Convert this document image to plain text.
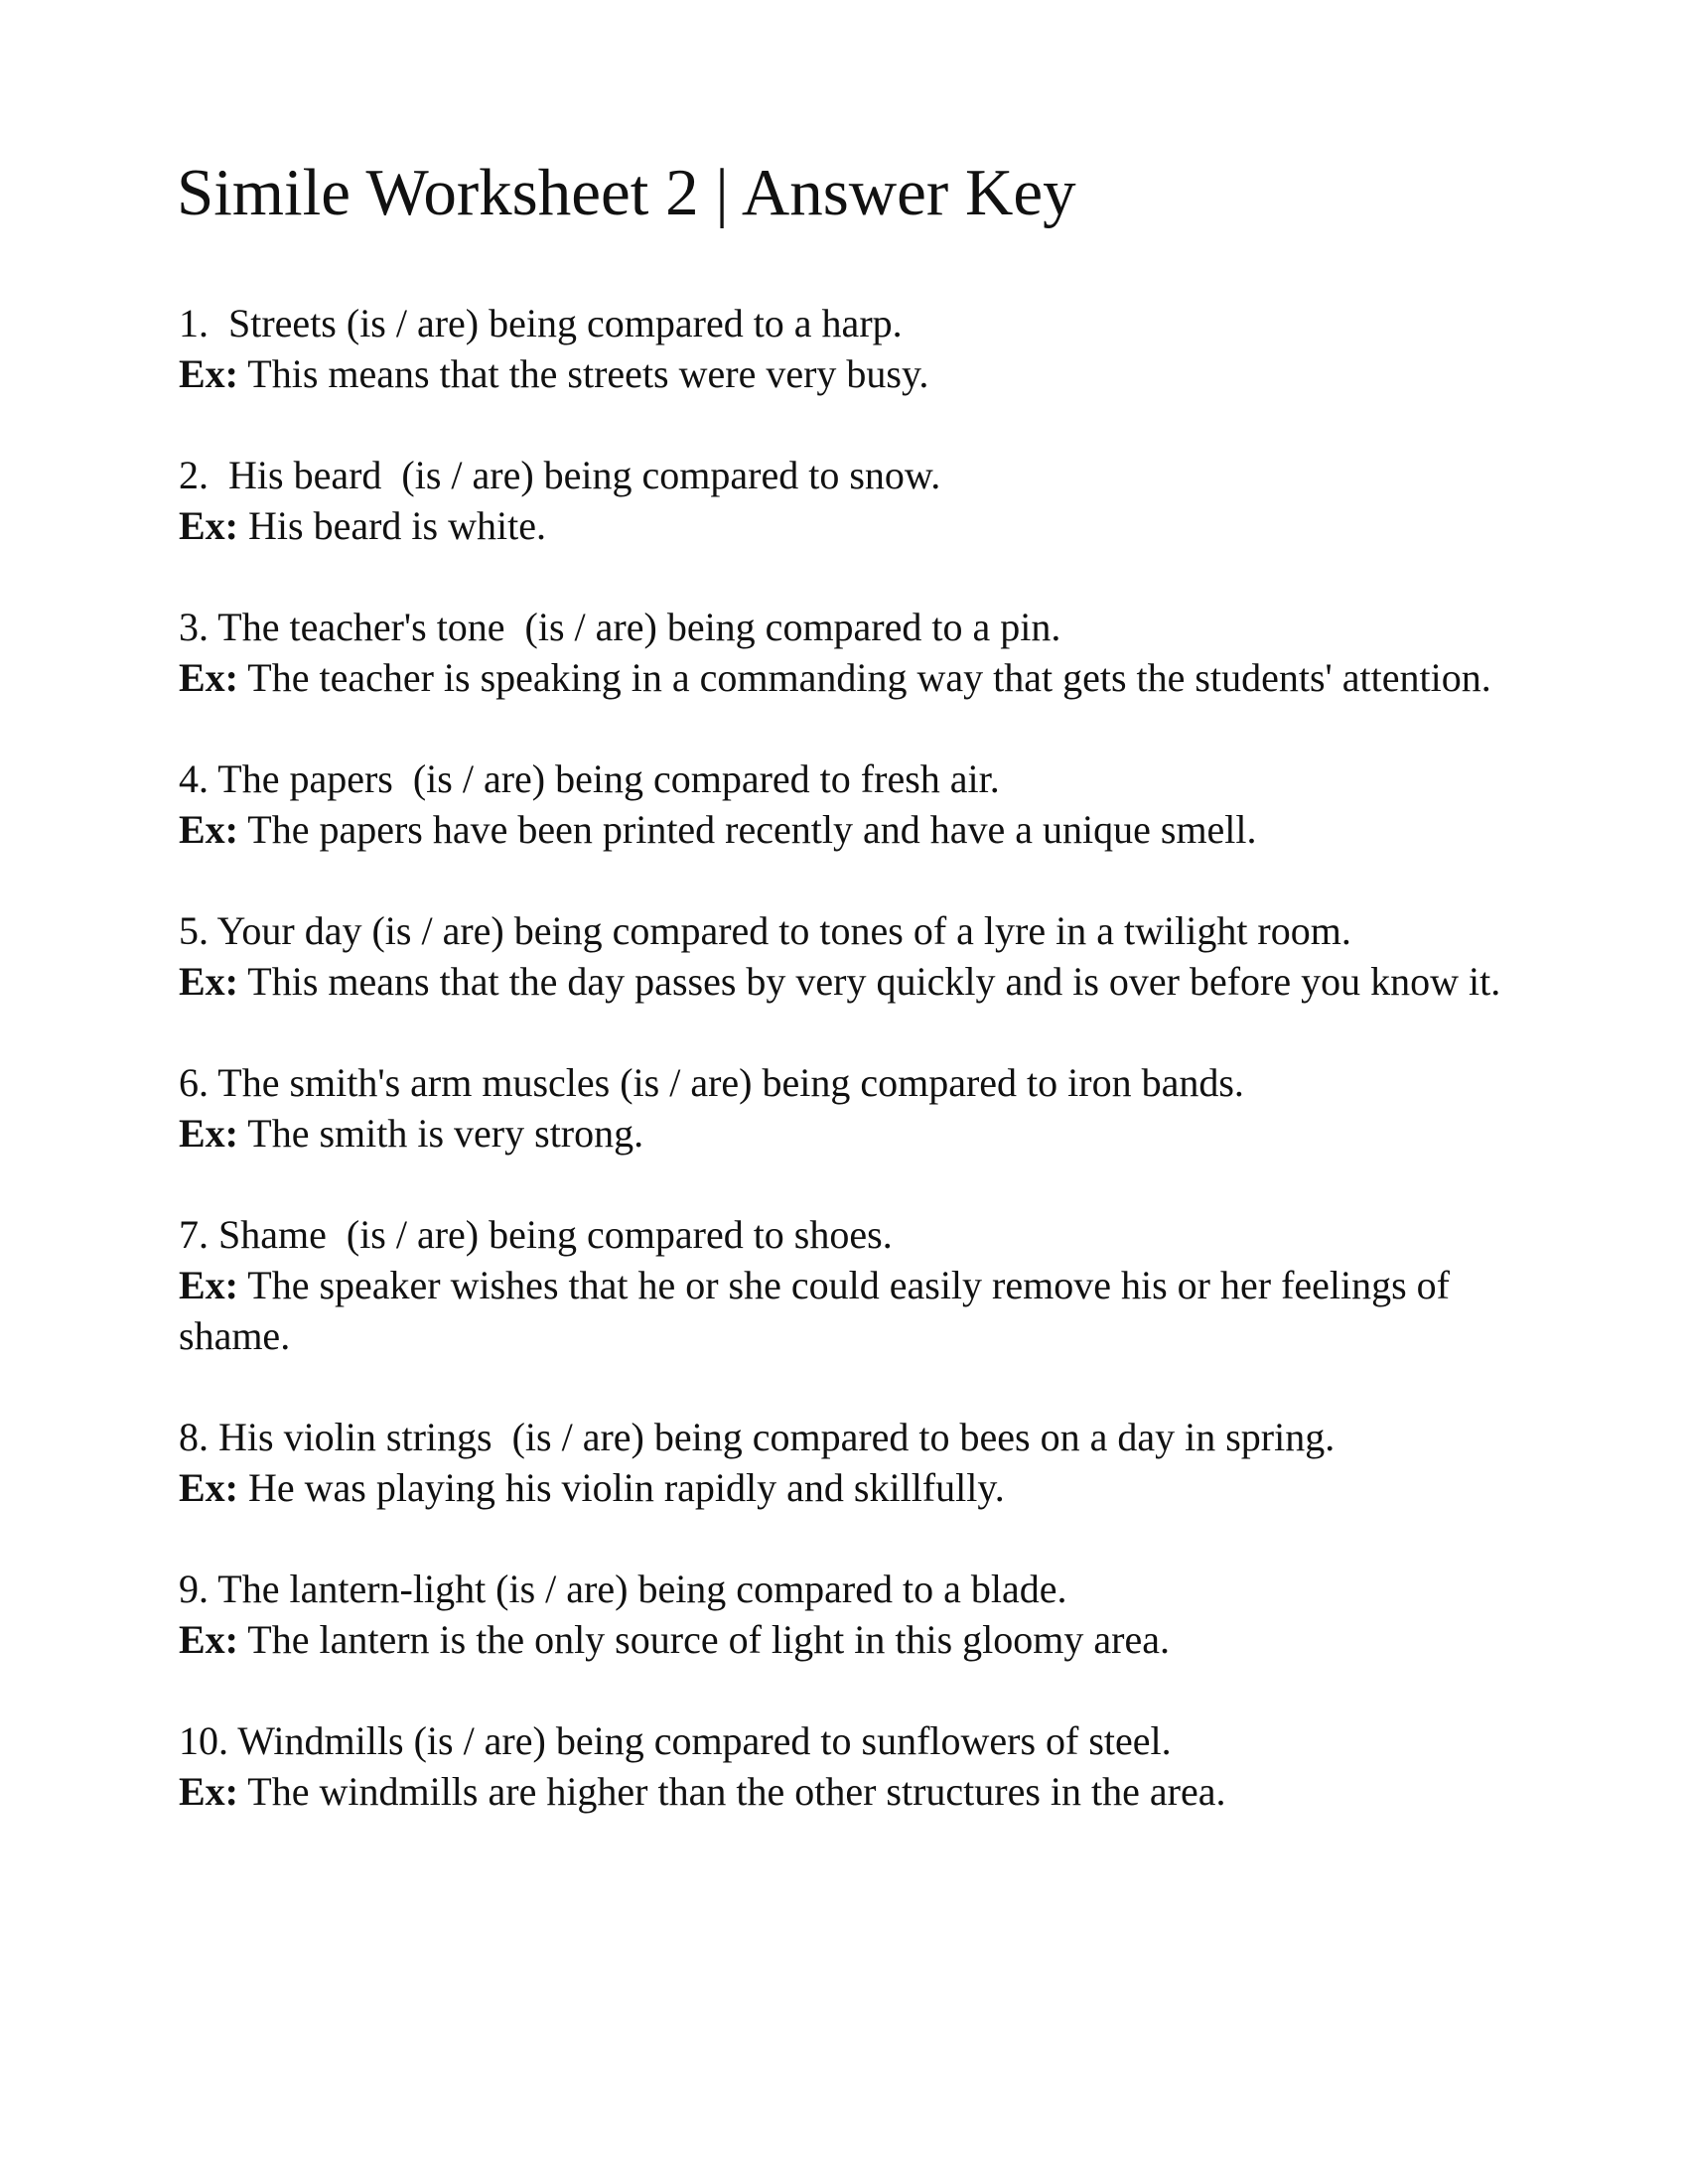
Simile Worksheet 2 | Answer Key
1.  Streets (is / are) being compared to a harp.
Ex: This means that the streets were very busy.
2.  His beard  (is / are) being compared to snow.
Ex: His beard is white.
3. The teacher's tone  (is / are) being compared to a pin.
Ex: The teacher is speaking in a commanding way that gets the students' attention.
4. The papers  (is / are) being compared to fresh air.
Ex: The papers have been printed recently and have a unique smell.
5. Your day (is / are) being compared to tones of a lyre in a twilight room.
Ex: This means that the day passes by very quickly and is over before you know it.
6. The smith's arm muscles (is / are) being compared to iron bands.
Ex: The smith is very strong.
7. Shame  (is / are) being compared to shoes.
Ex: The speaker wishes that he or she could easily remove his or her feelings of shame.
8. His violin strings  (is / are) being compared to bees on a day in spring.
Ex: He was playing his violin rapidly and skillfully.
9. The lantern-light (is / are) being compared to a blade.
Ex: The lantern is the only source of light in this gloomy area.
10. Windmills (is / are) being compared to sunflowers of steel.
Ex: The windmills are higher than the other structures in the area.
